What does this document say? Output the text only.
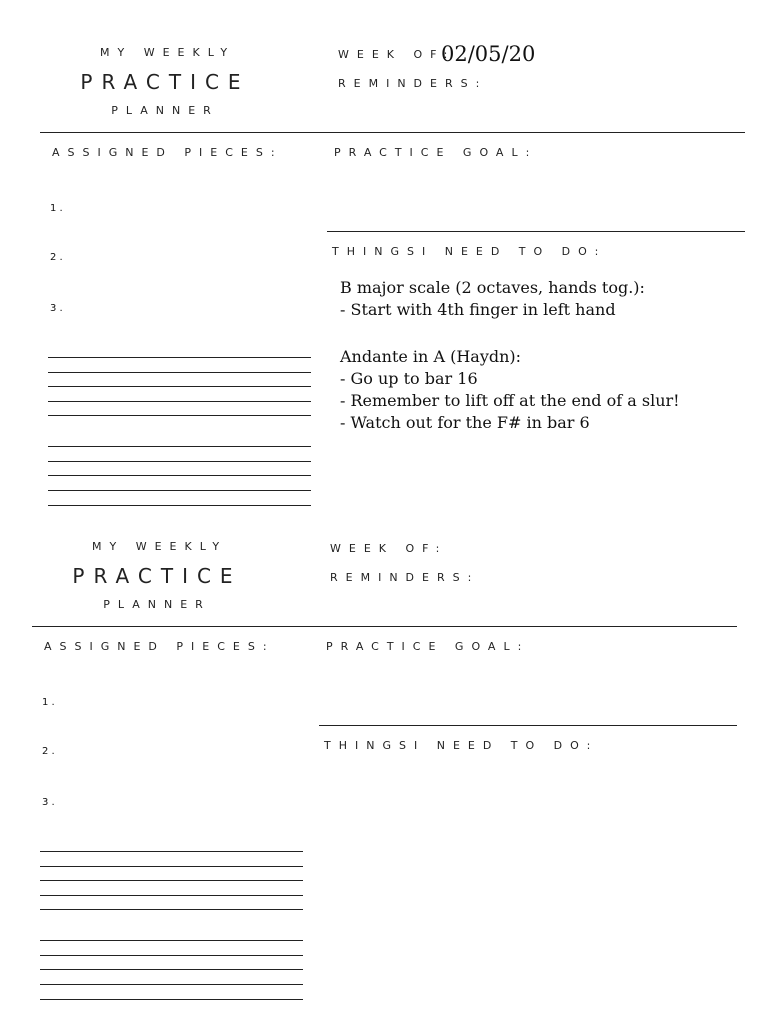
MY WEEKLY
PRACTICE
PLANNER
WEEK OF:
02/05/20
REMINDERS:
ASSIGNED PIECES:	PRACTICE GOAL:
THINGSI NEED TO DO:
1 .
2 .
3 .
B major scale (2 octaves, hands tog.):
- Start with 4th finger in left hand
Andante in A (Haydn):
- Go up to bar 16
- Remember to lift off at the end of a slur!
- Watch out for the F# in bar 6
MY WEEKLY
PRACTICE
PLANNER
WEEK OF:
REMINDERS:
ASSIGNED PIECES:	PRACTICE GOAL:
THINGSI NEED TO DO:
1 .
2 .
3 .
